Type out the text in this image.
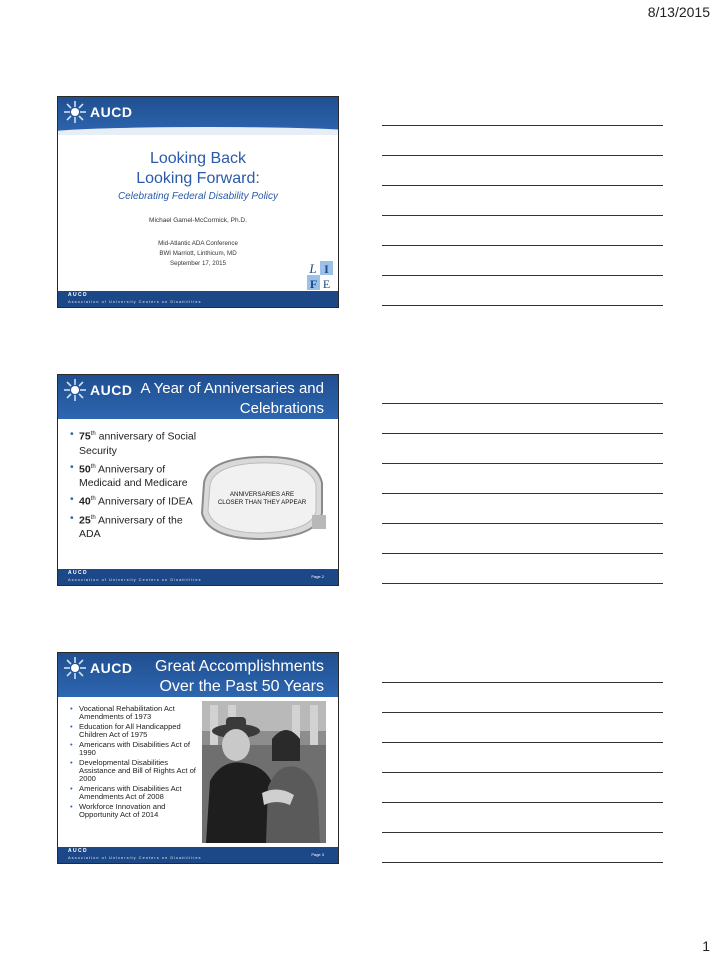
8/13/2015
AUCD
Looking Back
Looking Forward:
Celebrating Federal Disability Policy
Michael Gamel-McCormick, Ph.D.
Mid-Atlantic ADA Conference
BWI Marriott, Linthicum, MD
September 17, 2015	L I
F E
AUCD
Association of University Centers on Disabilities
AUCD A Year of Anniversaries and
Celebrations
• 75th anniversary of Social Security
• 50th Anniversary of Medicaid and Medicare
• 40th Anniversary of IDEA
• 25th Anniversary of the ADA
ANNIVERSARIES ARE
CLOSER THAN THEY APPEAR
AUCD
Association of University Centers on Disabilities
Page 2
AUCD Great Accomplishments
Over the Past 50 Years
• Vocational Rehabilitation Act Amendments of 1973
• Education for All Handicapped Children Act of 1975
• Americans with Disabilities Act of 1990
• Developmental Disabilities Assistance and Bill of Rights Act of 2000
• Americans with Disabilities Act Amendments Act of 2008
• Workforce Innovation and Opportunity Act of 2014
AUCD
Association of University Centers on Disabilities
Page 3
1
